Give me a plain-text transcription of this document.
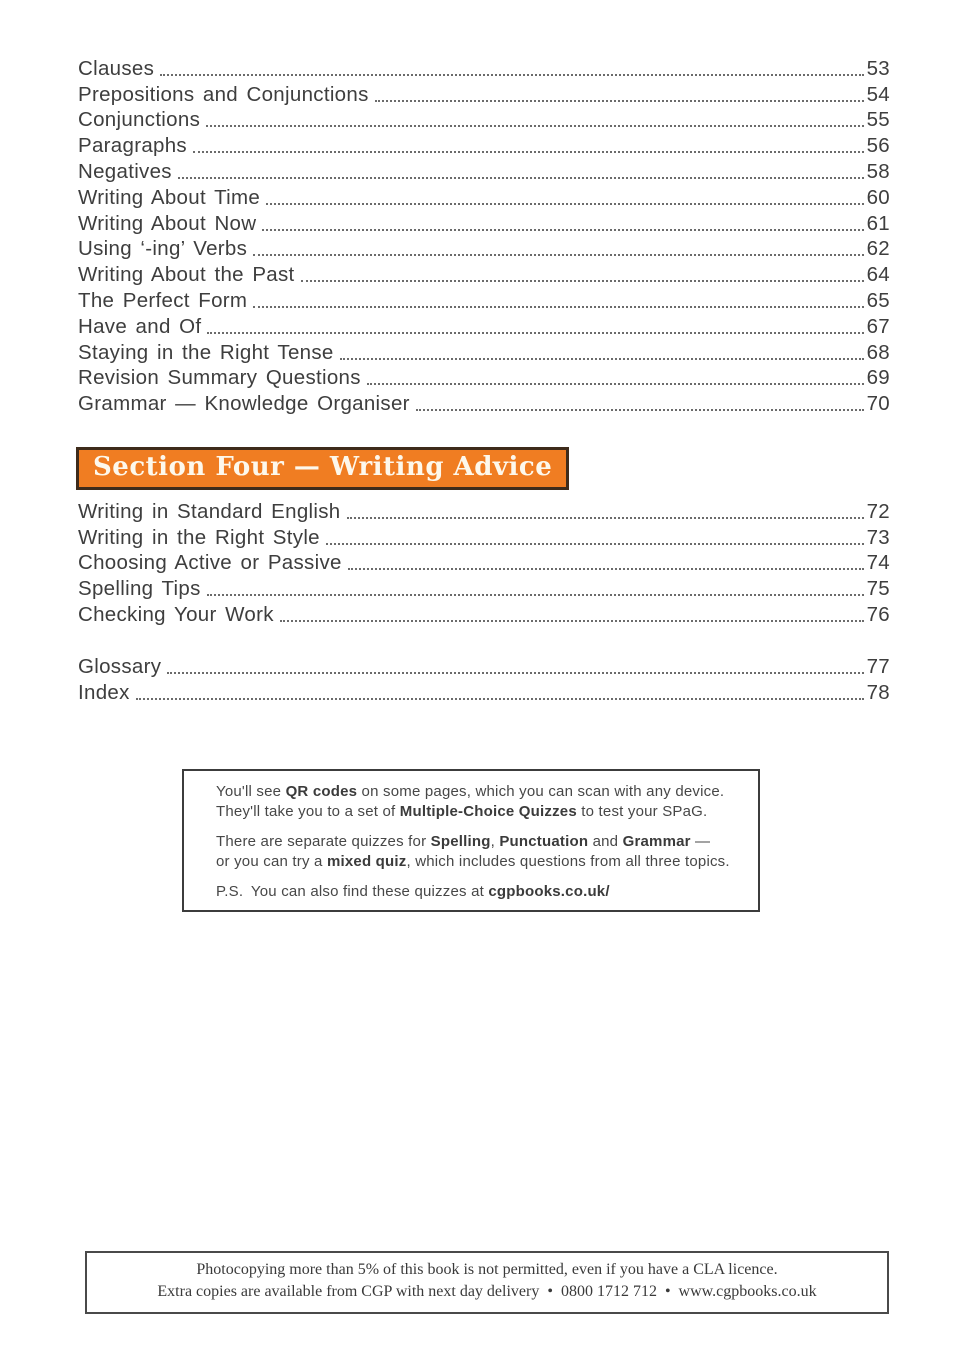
Clauses	53
Prepositions and Conjunctions	54
Conjunctions	55
Paragraphs	56
Negatives	58
Writing About Time	60
Writing About Now	61
Using ‘-ing’ Verbs	62
Writing About the Past	64
The Perfect Form	65
Have and Of	67
Staying in the Right Tense	68
Revision Summary Questions	69
Grammar — Knowledge Organiser	70
Section Four — Writing Advice
Writing in Standard English	72
Writing in the Right Style	73
Choosing Active or Passive	74
Spelling Tips	75
Checking Your Work	76
Glossary	77
Index	78
You'll see QR codes on some pages, which you can scan with any device.
They'll take you to a set of Multiple-Choice Quizzes to test your SPaG.
There are separate quizzes for Spelling, Punctuation and Grammar —
or you can try a mixed quiz, which includes questions from all three topics.
P.S. You can also find these quizzes at cgpbooks.co.uk/
Photocopying more than 5% of this book is not permitted, even if you have a CLA licence.
Extra copies are available from CGP with next day delivery • 0800 1712 712 • www.cgpbooks.co.uk
